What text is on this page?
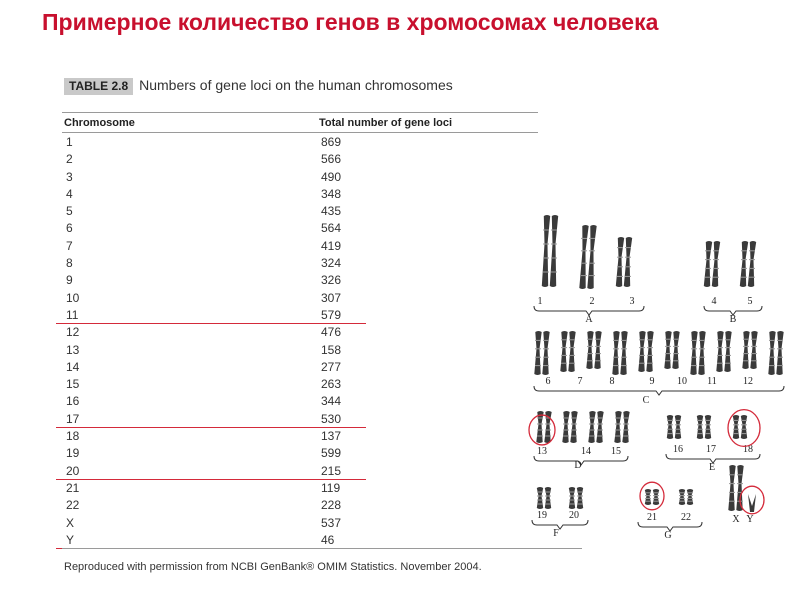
Примерное количество генов в хромосомах человека
TABLE 2.8 Numbers of gene loci on the human chromosomes
Chromosome	Total number of gene loci
1	869
2	566
3	490
4	348
5	435
6	564
7	419
8	324
9	326
10	307
11	579
12	476
13	158
14	277
15	263
16	344
17	530
18	137
19	599
20	215
21	119
22	228
X	537
Y	46
Reproduced with permission from NCBI GenBank® OMIM Statistics. November 2004.
1	2	3
A
4	5
B
6	7	8	9 10 11	12
C
13	14 15
D
16 17	18
E
19 20
F
21 22
G
X Y
